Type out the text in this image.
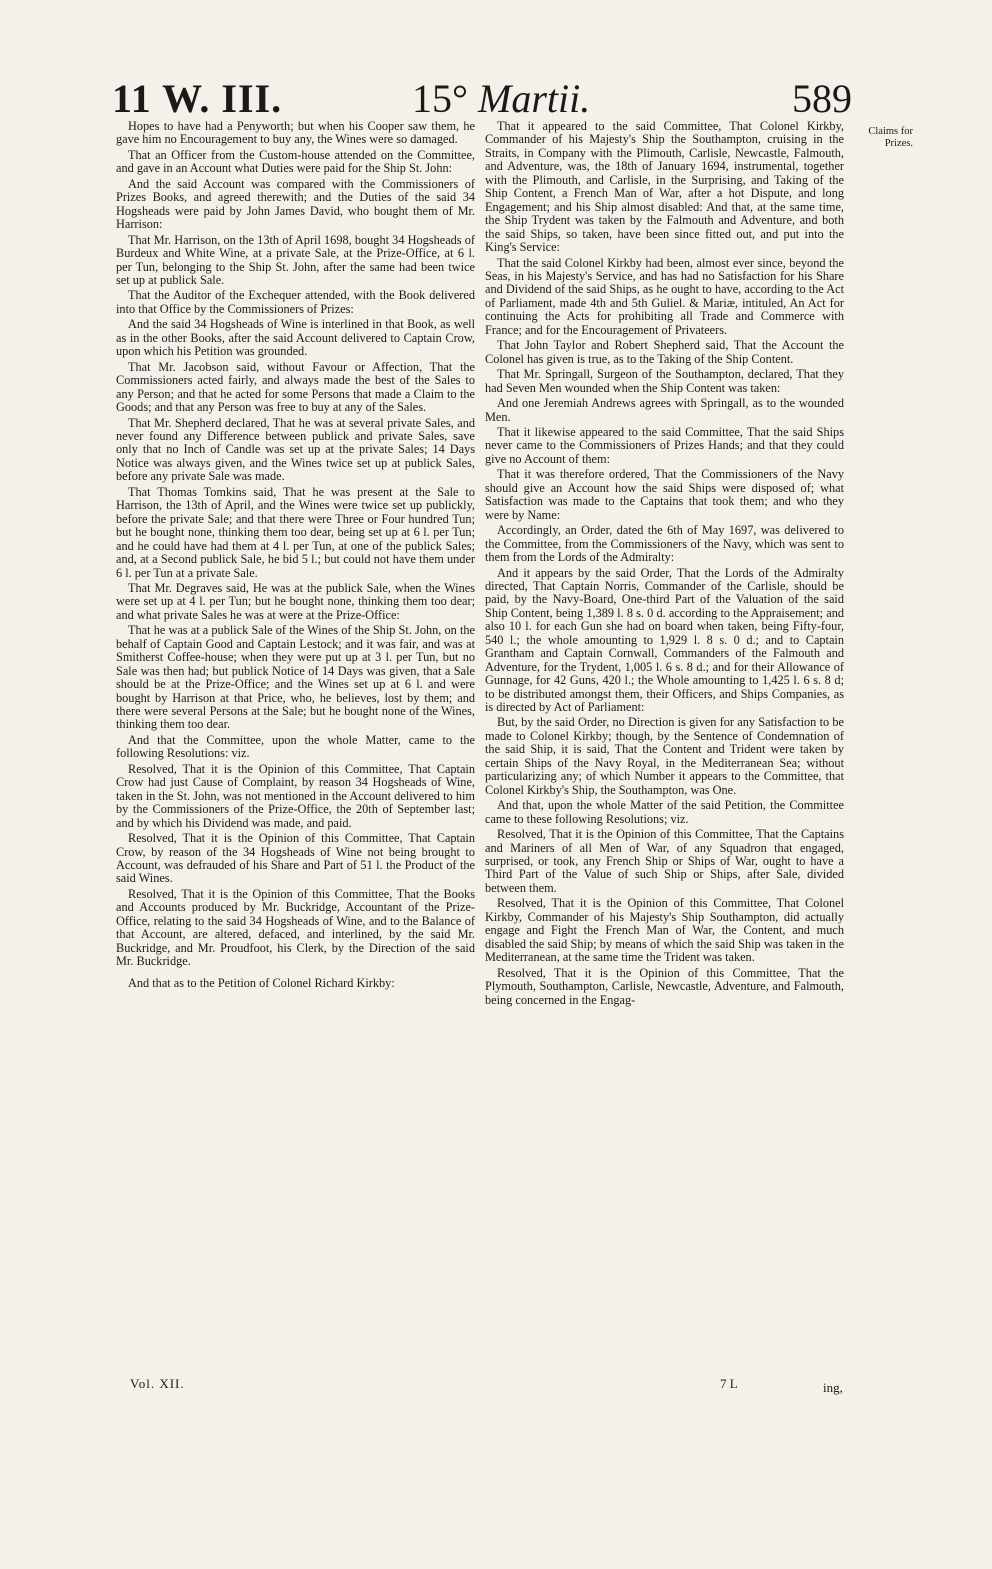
11 W. III.	15° Martii.	589
Claims for Prizes.

Hopes to have had a Penyworth; but when his Cooper saw them, he gave him no Encouragement to buy any, the Wines were so damaged.

That an Officer from the Custom-house attended on the Committee, and gave in an Account what Duties were paid for the Ship St. John:

And the said Account was compared with the Commissioners of Prizes Books, and agreed therewith; and the Duties of the said 34 Hogsheads were paid by John James David, who bought them of Mr. Harrison:

That Mr. Harrison, on the 13th of April 1698, bought 34 Hogsheads of Burdeux and White Wine, at a private Sale, at the Prize-Office, at 6 l. per Tun, belonging to the Ship St. John, after the same had been twice set up at publick Sale.

That the Auditor of the Exchequer attended, with the Book delivered into that Office by the Commissioners of Prizes:

And the said 34 Hogsheads of Wine is interlined in that Book, as well as in the other Books, after the said Account delivered to Captain Crow, upon which his Petition was grounded.

That Mr. Jacobson said, without Favour or Affection, That the Commissioners acted fairly, and always made the best of the Sales to any Person; and that he acted for some Persons that made a Claim to the Goods; and that any Person was free to buy at any of the Sales.

That Mr. Shepherd declared, That he was at several private Sales, and never found any Difference between publick and private Sales, save only that no Inch of Candle was set up at the private Sales; 14 Days Notice was always given, and the Wines twice set up at publick Sales, before any private Sale was made.

That Thomas Tomkins said, That he was present at the Sale to Harrison, the 13th of April, and the Wines were twice set up publickly, before the private Sale; and that there were Three or Four hundred Tun; but he bought none, thinking them too dear, being set up at 6 l. per Tun; and he could have had them at 4 l. per Tun, at one of the publick Sales; and, at a Second publick Sale, he bid 5 l.; but could not have them under 6 l. per Tun at a private Sale.

That Mr. Degraves said, He was at the publick Sale, when the Wines were set up at 4 l. per Tun; but he bought none, thinking them too dear; and what private Sales he was at were at the Prize-Office:

That he was at a publick Sale of the Wines of the Ship St. John, on the behalf of Captain Good and Captain Lestock; and it was fair, and was at Smitherst Coffee-house; when they were put up at 3 l. per Tun, but no Sale was then had; but publick Notice of 14 Days was given, that a Sale should be at the Prize-Office; and the Wines set up at 6 l. and were bought by Harrison at that Price, who, he believes, lost by them; and there were several Persons at the Sale; but he bought none of the Wines, thinking them too dear.

And that the Committee, upon the whole Matter, came to the following Resolutions: viz.

Resolved, That it is the Opinion of this Committee, That Captain Crow had just Cause of Complaint, by reason 34 Hogsheads of Wine, taken in the St. John, was not mentioned in the Account delivered to him by the Commissioners of the Prize-Office, the 20th of September last; and by which his Dividend was made, and paid.

Resolved, That it is the Opinion of this Committee, That Captain Crow, by reason of the 34 Hogsheads of Wine not being brought to Account, was defrauded of his Share and Part of 51 l. the Product of the said Wines.

Resolved, That it is the Opinion of this Committee, That the Books and Accounts produced by Mr. Buckridge, Accountant of the Prize-Office, relating to the said 34 Hogsheads of Wine, and to the Balance of that Account, are altered, defaced, and interlined, by the said Mr. Buckridge, and Mr. Proudfoot, his Clerk, by the Direction of the said Mr. Buckridge.

And that as to the Petition of Colonel Richard Kirkby:

That it appeared to the said Committee, That Colonel Kirkby, Commander of his Majesty's Ship the Southampton, cruising in the Straits, in Company with the Plimouth, Carlisle, Newcastle, Falmouth, and Adventure, was, the 18th of January 1694, instrumental, together with the Plimouth, and Carlisle, in the Surprising, and Taking of the Ship Content, a French Man of War, after a hot Dispute, and long Engagement; and his Ship almost disabled: And that, at the same time, the Ship Trydent was taken by the Falmouth and Adventure, and both the said Ships, so taken, have been since fitted out, and put into the King's Service:

That the said Colonel Kirkby had been, almost ever since, beyond the Seas, in his Majesty's Service, and has had no Satisfaction for his Share and Dividend of the said Ships, as he ought to have, according to the Act of Parliament, made 4th and 5th Guliel. & Mariæ, intituled, An Act for continuing the Acts for prohibiting all Trade and Commerce with France; and for the Encouragement of Privateers.

That John Taylor and Robert Shepherd said, That the Account the Colonel has given is true, as to the Taking of the Ship Content.

That Mr. Springall, Surgeon of the Southampton, declared, That they had Seven Men wounded when the Ship Content was taken:

And one Jeremiah Andrews agrees with Springall, as to the wounded Men.

That it likewise appeared to the said Committee, That the said Ships never came to the Commissioners of Prizes Hands; and that they could give no Account of them:

That it was therefore ordered, That the Commissioners of the Navy should give an Account how the said Ships were disposed of; what Satisfaction was made to the Captains that took them; and who they were by Name:

Accordingly, an Order, dated the 6th of May 1697, was delivered to the Committee, from the Commissioners of the Navy, which was sent to them from the Lords of the Admiralty:

And it appears by the said Order, That the Lords of the Admiralty directed, That Captain Norris, Commander of the Carlisle, should be paid, by the Navy-Board, One-third Part of the Valuation of the said Ship Content, being 1,389 l. 8 s. 0 d. according to the Appraisement; and also 10 l. for each Gun she had on board when taken, being Fifty-four, 540 l.; the whole amounting to 1,929 l. 8 s. 0 d.; and to Captain Grantham and Captain Cornwall, Commanders of the Falmouth and Adventure, for the Trydent, 1,005 l. 6 s. 8 d.; and for their Allowance of Gunnage, for 42 Guns, 420 l.; the Whole amounting to 1,425 l. 6 s. 8 d; to be distributed amongst them, their Officers, and Ships Companies, as is directed by Act of Parliament:

But, by the said Order, no Direction is given for any Satisfaction to be made to Colonel Kirkby; though, by the Sentence of Condemnation of the said Ship, it is said, That the Content and Trident were taken by certain Ships of the Navy Royal, in the Mediterranean Sea; without particularizing any; of which Number it appears to the Committee, that Colonel Kirkby's Ship, the Southampton, was One.

And that, upon the whole Matter of the said Petition, the Committee came to these following Resolutions; viz.

Resolved, That it is the Opinion of this Committee, That the Captains and Mariners of all Men of War, of any Squadron that engaged, surprised, or took, any French Ship or Ships of War, ought to have a Third Part of the Value of such Ship or Ships, after Sale, divided between them.

Resolved, That it is the Opinion of this Committee, That Colonel Kirkby, Commander of his Majesty's Ship Southampton, did actually engage and Fight the French Man of War, the Content, and much disabled the said Ship; by means of which the said Ship was taken in the Mediterranean, at the same time the Trident was taken.

Resolved, That it is the Opinion of this Committee, That the Plymouth, Southampton, Carlisle, Newcastle, Adventure, and Falmouth, being concerned in the Engag-

Vol. XII.	7 L	ing,
